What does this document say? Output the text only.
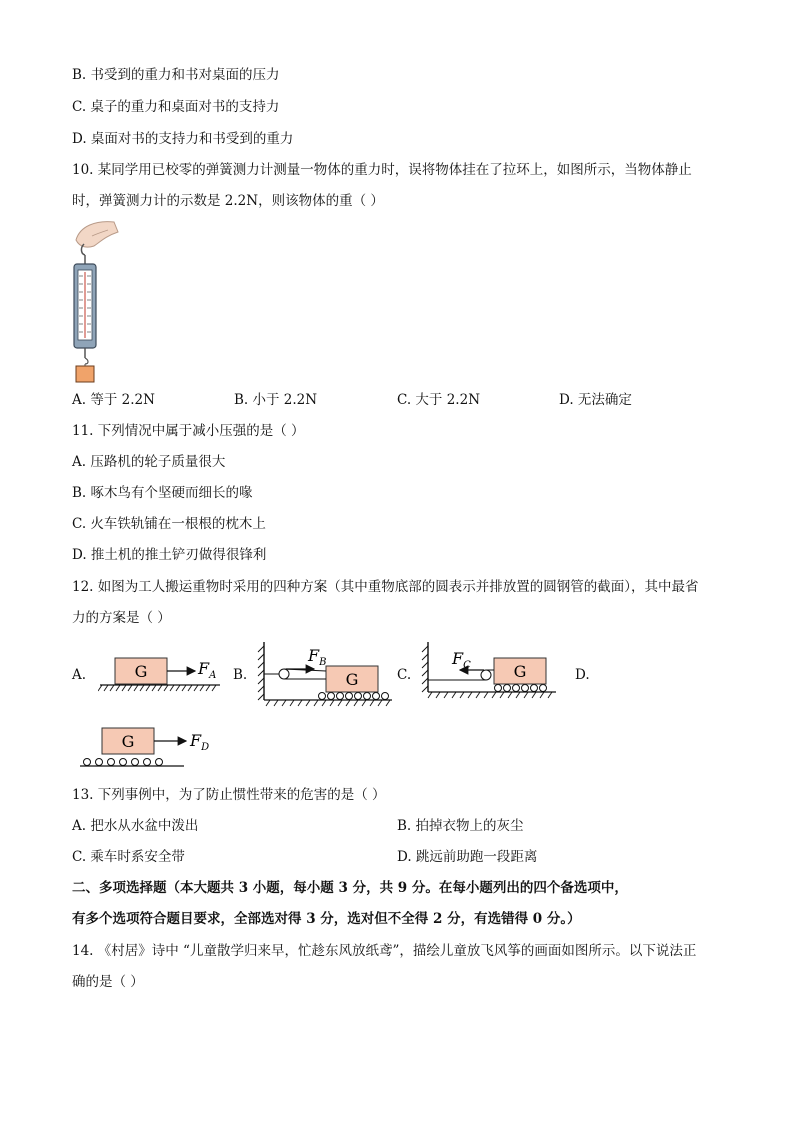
B. 书受到的重力和书对桌面的压力
C. 桌子的重力和桌面对书的支持力
D. 桌面对书的支持力和书受到的重力
10. 某同学用已校零的弹簧测力计测量一物体的重力时，误将物体挂在了拉环上，如图所示，当物体静止
时，弹簧测力计的示数是 2.2N，则该物体的重（ ）
A. 等于 2.2N	B. 小于 2.2N	C. 大于 2.2N	D. 无法确定
11. 下列情况中属于减小压强的是（ ）
A. 压路机的轮子质量很大
B. 啄木鸟有个坚硬而细长的喙
C. 火车铁轨铺在一根根的枕木上
D. 推土机的推土铲刃做得很锋利
12. 如图为工人搬运重物时采用的四种方案（其中重物底部的圆表示并排放置的圆钢管的截面），其中最省
力的方案是（ ）
A.	B.	C.	D.
G	$F_A$	G
$F_B$	G
$F_C$
G	$F_D$
13. 下列事例中，为了防止惯性带来的危害的是（ ）
A. 把水从水盆中泼出	B. 拍掉衣物上的灰尘
C. 乘车时系安全带	D. 跳远前助跑一段距离
二、多项选择题（本大题共 3 小题，每小题 3 分，共 9 分。在每小题列出的四个备选项中，
有多个选项符合题目要求，全部选对得 3 分，选对但不全得 2 分，有选错得 0 分。）
14. 《村居》诗中 “儿童散学归来早，忙趁东风放纸鸢”，描绘儿童放飞风筝的画面如图所示。以下说法正
确的是（ ）
